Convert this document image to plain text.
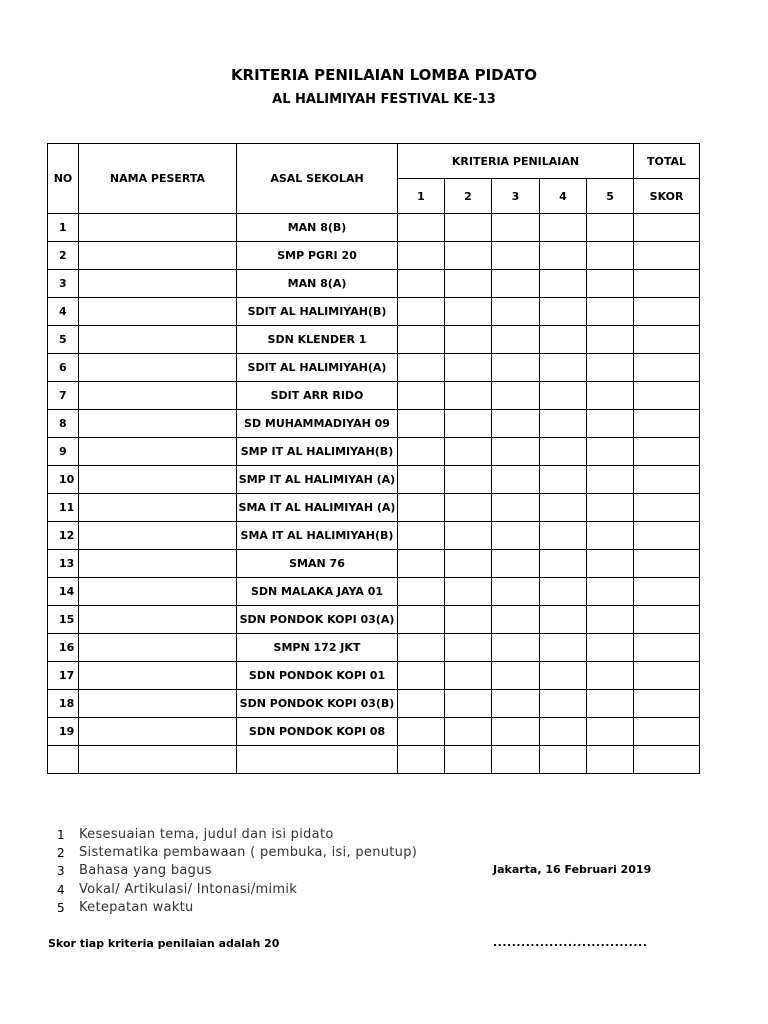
KRITERIA PENILAIAN LOMBA PIDATO
AL HALIMIYAH FESTIVAL KE-13
NO	NAMA PESERTA	ASAL SEKOLAH	KRITERIA PENILAIAN					TOTAL
			1	2	3	4	5	SKOR
1		MAN 8(B)						
2		SMP PGRI 20						
3		MAN 8(A)						
4		SDIT AL HALIMIYAH(B)						
5		SDN KLENDER 1						
6		SDIT AL HALIMIYAH(A)						
7		SDIT ARR RIDO						
8		SD MUHAMMADIYAH 09						
9		SMP IT AL HALIMIYAH(B)						
10		SMP IT AL HALIMIYAH (A)						
11		SMA IT AL HALIMIYAH (A)						
12		SMA IT AL HALIMIYAH(B)						
13		SMAN 76						
14		SDN MALAKA JAYA 01						
15		SDN PONDOK KOPI 03(A)						
16		SMPN 172 JKT						
17		SDN PONDOK KOPI 01						
18		SDN PONDOK KOPI 03(B)						
19		SDN PONDOK KOPI 08						

1	Kesesuaian tema, judul dan isi pidato
2	Sistematika pembawaan ( pembuka, isi, penutup)
3	Bahasa yang bagus
4	Vokal/ Artikulasi/ Intonasi/mimik
5	Ketepatan waktu
Jakarta, 16 Februari 2019
Skor tiap kriteria penilaian adalah 20	.................................
